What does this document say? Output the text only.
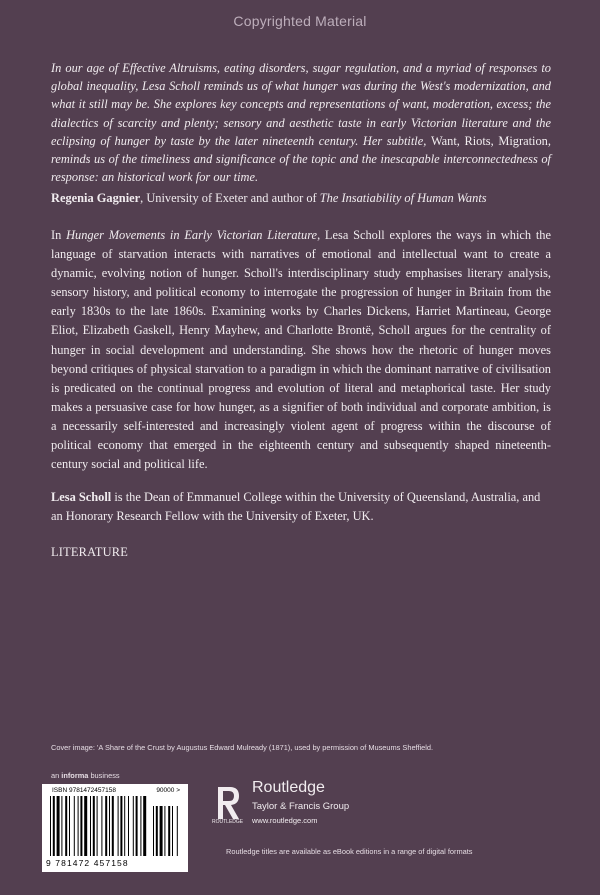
Copyrighted Material
In our age of Effective Altruisms, eating disorders, sugar regulation, and a myriad of responses to global inequality, Lesa Scholl reminds us of what hunger was during the West's modernization, and what it still may be. She explores key concepts and representations of want, moderation, excess; the dialectics of scarcity and plenty; sensory and aesthetic taste in early Victorian literature and the eclipsing of hunger by taste by the later nineteenth century. Her subtitle, Want, Riots, Migration, reminds us of the timeliness and significance of the topic and the inescapable interconnectedness of response: an historical work for our time.
Regenia Gagnier, University of Exeter and author of The Insatiability of Human Wants
In Hunger Movements in Early Victorian Literature, Lesa Scholl explores the ways in which the language of starvation interacts with narratives of emotional and intellectual want to create a dynamic, evolving notion of hunger. Scholl's interdisciplinary study emphasises literary analysis, sensory history, and political economy to interrogate the progression of hunger in Britain from the early 1830s to the late 1860s. Examining works by Charles Dickens, Harriet Martineau, George Eliot, Elizabeth Gaskell, Henry Mayhew, and Charlotte Brontë, Scholl argues for the centrality of hunger in social development and understanding. She shows how the rhetoric of hunger moves beyond critiques of physical starvation to a paradigm in which the dominant narrative of civilisation is predicated on the continual progress and evolution of literal and metaphorical taste. Her study makes a persuasive case for how hunger, as a signifier of both individual and corporate ambition, is a necessarily self-interested and increasingly violent agent of progress within the discourse of political economy that emerged in the eighteenth century and subsequently shaped nineteenth-century social and political life.
Lesa Scholl is the Dean of Emmanuel College within the University of Queensland, Australia, and an Honorary Research Fellow with the University of Exeter, UK.
LITERATURE
Cover image: 'A Share of the Crust by Augustus Edward Mulready (1871), used by permission of Museums Sheffield.
an informa business
ISBN 9781472457158	90000 >
9 781472 457158
ROUTLEDGE
Routledge
Taylor & Francis Group
www.routledge.com
Routledge titles are available as eBook editions in a range of digital formats
